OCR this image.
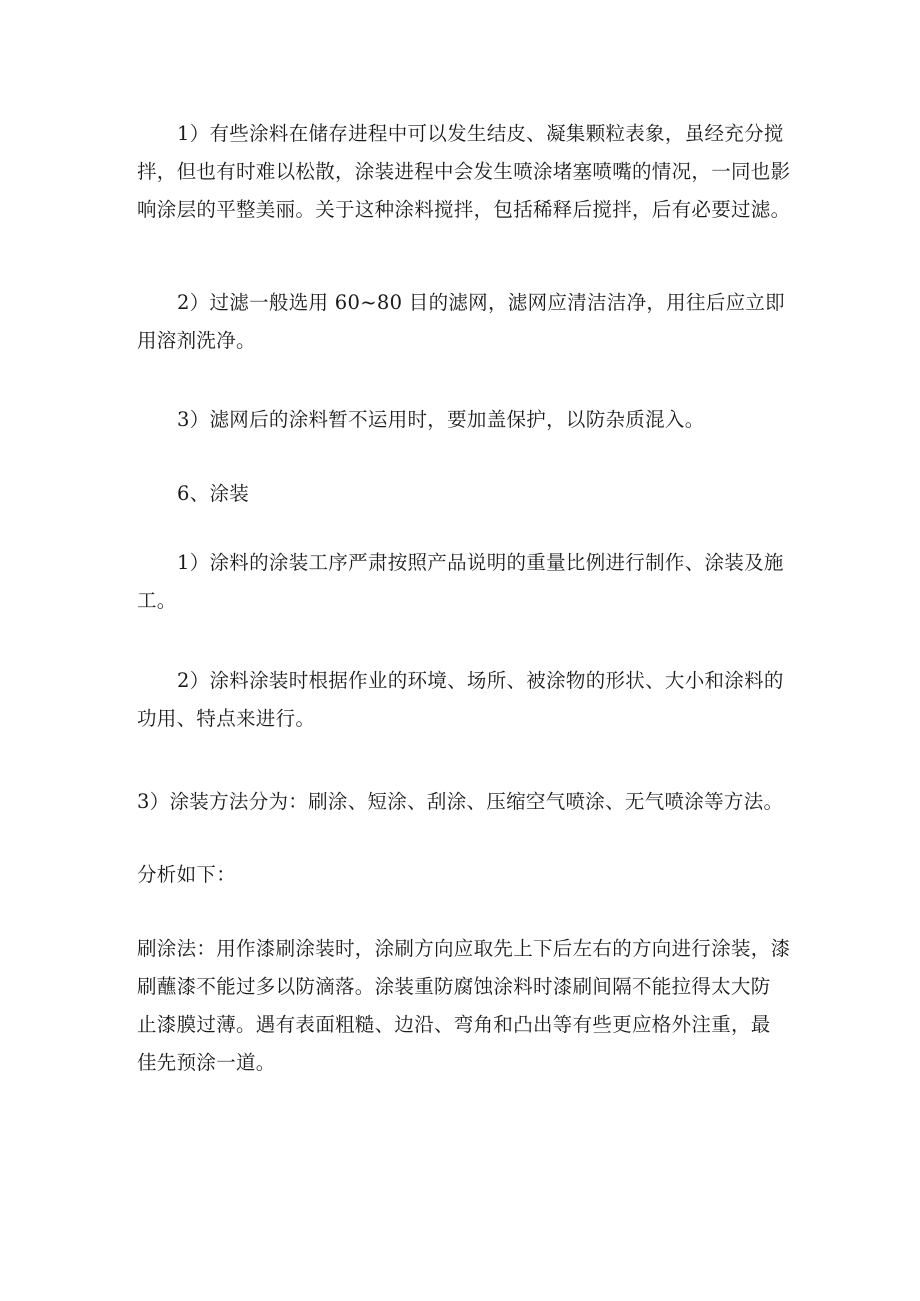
1）有些涂料在储存进程中可以发生结皮、凝集颗粒表象，虽经充分搅
拌，但也有时难以松散，涂装进程中会发生喷涂堵塞喷嘴的情况，一同也影
响涂层的平整美丽。关于这种涂料搅拌，包括稀释后搅拌，后有必要过滤。

2）过滤一般选用 60~80 目的滤网，滤网应清洁洁净，用往后应立即
用溶剂洗净。

3）滤网后的涂料暂不运用时，要加盖保护，以防杂质混入。

6、涂装

1）涂料的涂装工序严肃按照产品说明的重量比例进行制作、涂装及施
工。

2）涂料涂装时根据作业的环境、场所、被涂物的形状、大小和涂料的
功用、特点来进行。

3）涂装方法分为：刷涂、短涂、刮涂、压缩空气喷涂、无气喷涂等方法。

分析如下：

刷涂法：用作漆刷涂装时，涂刷方向应取先上下后左右的方向进行涂装，漆
刷蘸漆不能过多以防滴落。涂装重防腐蚀涂料时漆刷间隔不能拉得太大防
止漆膜过薄。遇有表面粗糙、边沿、弯角和凸出等有些更应格外注重，最
佳先预涂一道。
